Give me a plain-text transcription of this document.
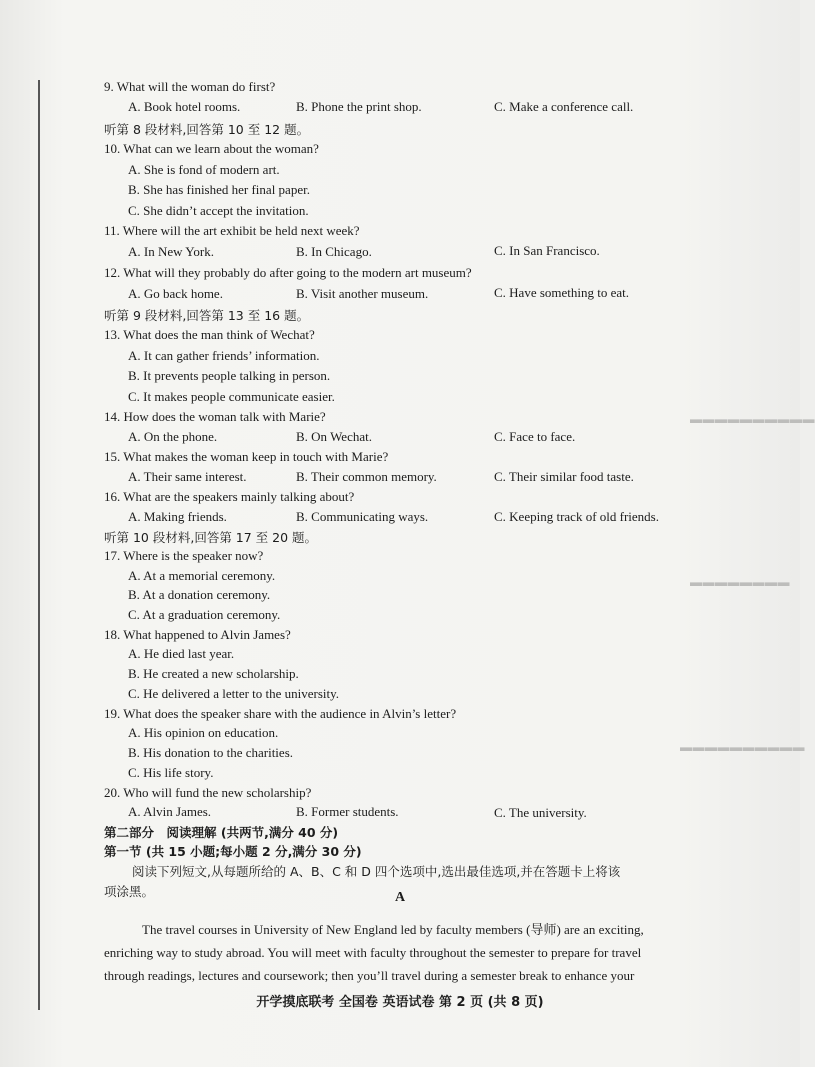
▬▬▬▬▬▬▬▬▬▬
▬▬▬▬▬▬▬▬
▬▬▬▬▬▬▬▬▬▬
9. What will the woman do first?
A. Book hotel rooms.	B. Phone the print shop.	C. Make a conference call.
听第 8 段材料,回答第 10 至 12 题。
10. What can we learn about the woman?
A. She is fond of modern art.
B. She has finished her final paper.
C. She didn’t accept the invitation.
11. Where will the art exhibit be held next week?
A. In New York.	B. In Chicago.	C. In San Francisco.
12. What will they probably do after going to the modern art museum?
A. Go back home.	B. Visit another museum.	C. Have something to eat.
听第 9 段材料,回答第 13 至 16 题。
13. What does the man think of Wechat?
A. It can gather friends’ information.
B. It prevents people talking in person.
C. It makes people communicate easier.
14. How does the woman talk with Marie?
A. On the phone.	B. On Wechat.	C. Face to face.
15. What makes the woman keep in touch with Marie?
A. Their same interest.	B. Their common memory.	C. Their similar food taste.
16. What are the speakers mainly talking about?
A. Making friends.	B. Communicating ways.	C. Keeping track of old friends.
听第 10 段材料,回答第 17 至 20 题。
17. Where is the speaker now?
A. At a memorial ceremony.
B. At a donation ceremony.
C. At a graduation ceremony.
18. What happened to Alvin James?
A. He died last year.
B. He created a new scholarship.
C. He delivered a letter to the university.
19. What does the speaker share with the audience in Alvin’s letter?
A. His opinion on education.
B. His donation to the charities.
C. His life story.
20. Who will fund the new scholarship?
A. Alvin James.	B. Former students.	C. The university.
第二部分　阅读理解 (共两节,满分 40 分)
第一节 (共 15 小题;每小题 2 分,满分 30 分)
阅读下列短文,从每题所给的 A、B、C 和 D 四个选项中,选出最佳选项,并在答题卡上将该
项涂黑。	A
The travel courses in University of New England led by faculty members (导师) are an exciting,
enriching way to study abroad. You will meet with faculty throughout the semester to prepare for travel
through readings, lectures and coursework; then you’ll travel during a semester break to enhance your
开学摸底联考 全国卷 英语试卷 第 2 页 (共 8 页)
